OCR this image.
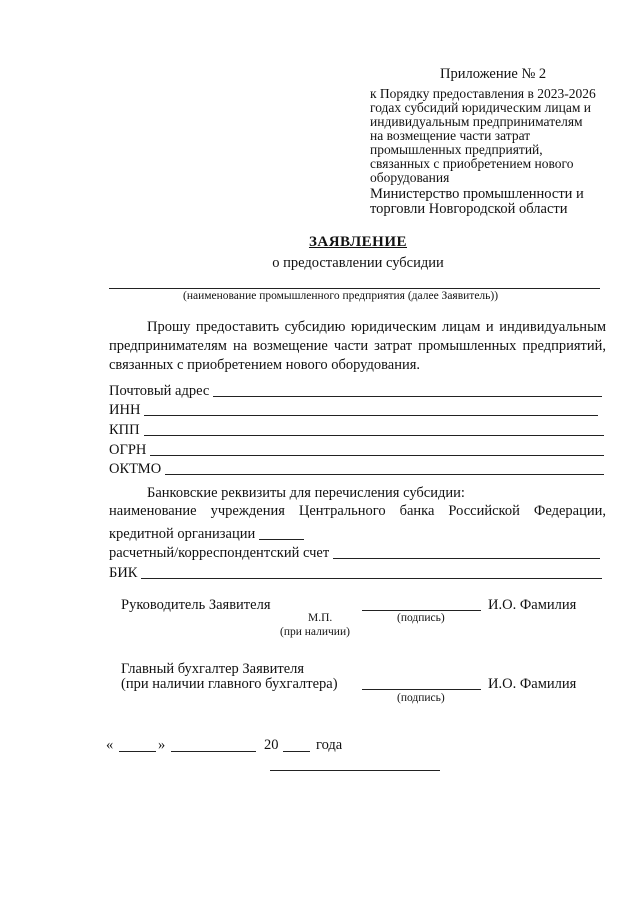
Приложение № 2
к Порядку предоставления в 2023-2026
годах субсидий юридическим лицам и
индивидуальным предпринимателям
на возмещение части затрат
промышленных предприятий,
связанных с приобретением нового
оборудования
Министерство промышленности и
торговли Новгородской области
ЗАЯВЛЕНИЕ
о предоставлении субсидии
(наименование промышленного предприятия (далее Заявитель))
Прошу предоставить субсидию юридическим лицам и индивидуальным
предпринимателям на возмещение части затрат промышленных предприятий,
связанных с приобретением нового оборудования.
Почтовый адрес
ИНН
КПП
ОГРН
ОКТМО
Банковские реквизиты для перечисления субсидии:
наименование учреждения Центрального банка Российской Федерации,
кредитной организации
расчетный/корреспондентский счет
БИК
Руководитель Заявителя	И.О. Фамилия
М.П.	(подпись)
(при наличии)
Главный бухгалтер Заявителя
(при наличии главного бухгалтера)	И.О. Фамилия
(подпись)
«	»	20	года
